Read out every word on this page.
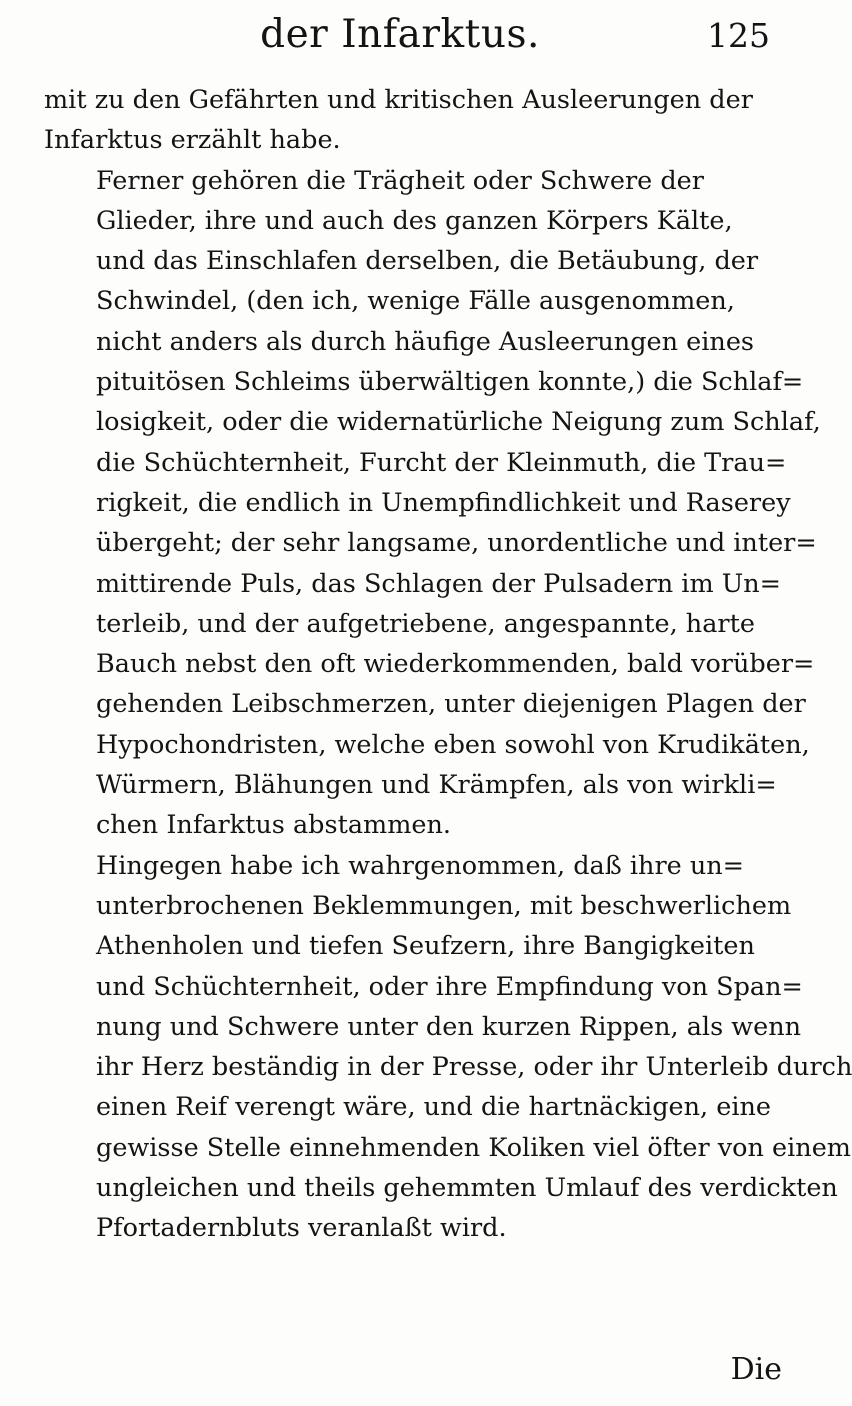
der Infarktus.	125

mit zu den Gefährten und kritischen Ausleerungen der
Infarktus erzählt habe.

Ferner gehören die Trägheit oder Schwere der
Glieder, ihre und auch des ganzen Körpers Kälte,
und das Einschlafen derselben, die Betäubung, der
Schwindel, (den ich, wenige Fälle ausgenommen,
nicht anders als durch häufige Ausleerungen eines
pituitösen Schleims überwältigen konnte,) die Schlaf=
losigkeit, oder die widernatürliche Neigung zum Schlaf,
die Schüchternheit, Furcht der Kleinmuth, die Trau=
rigkeit, die endlich in Unempfindlichkeit und Raserey
übergeht; der sehr langsame, unordentliche und inter=
mittirende Puls, das Schlagen der Pulsadern im Un=
terleib, und der aufgetriebene, angespannte, harte
Bauch nebst den oft wiederkommenden, bald vorüber=
gehenden Leibschmerzen, unter diejenigen Plagen der
Hypochondristen, welche eben sowohl von Krudikäten,
Würmern, Blähungen und Krämpfen, als von wirkli=
chen Infarktus abstammen.

Hingegen habe ich wahrgenommen, daß ihre un=
unterbrochenen Beklemmungen, mit beschwerlichem
Athenholen und tiefen Seufzern, ihre Bangigkeiten
und Schüchternheit, oder ihre Empfindung von Span=
nung und Schwere unter den kurzen Rippen, als wenn
ihr Herz beständig in der Presse, oder ihr Unterleib durch
einen Reif verengt wäre, und die hartnäckigen, eine
gewisse Stelle einnehmenden Koliken viel öfter von einem
ungleichen und theils gehemmten Umlauf des verdickten
Pfortadernbluts veranlaßt wird.

Die
